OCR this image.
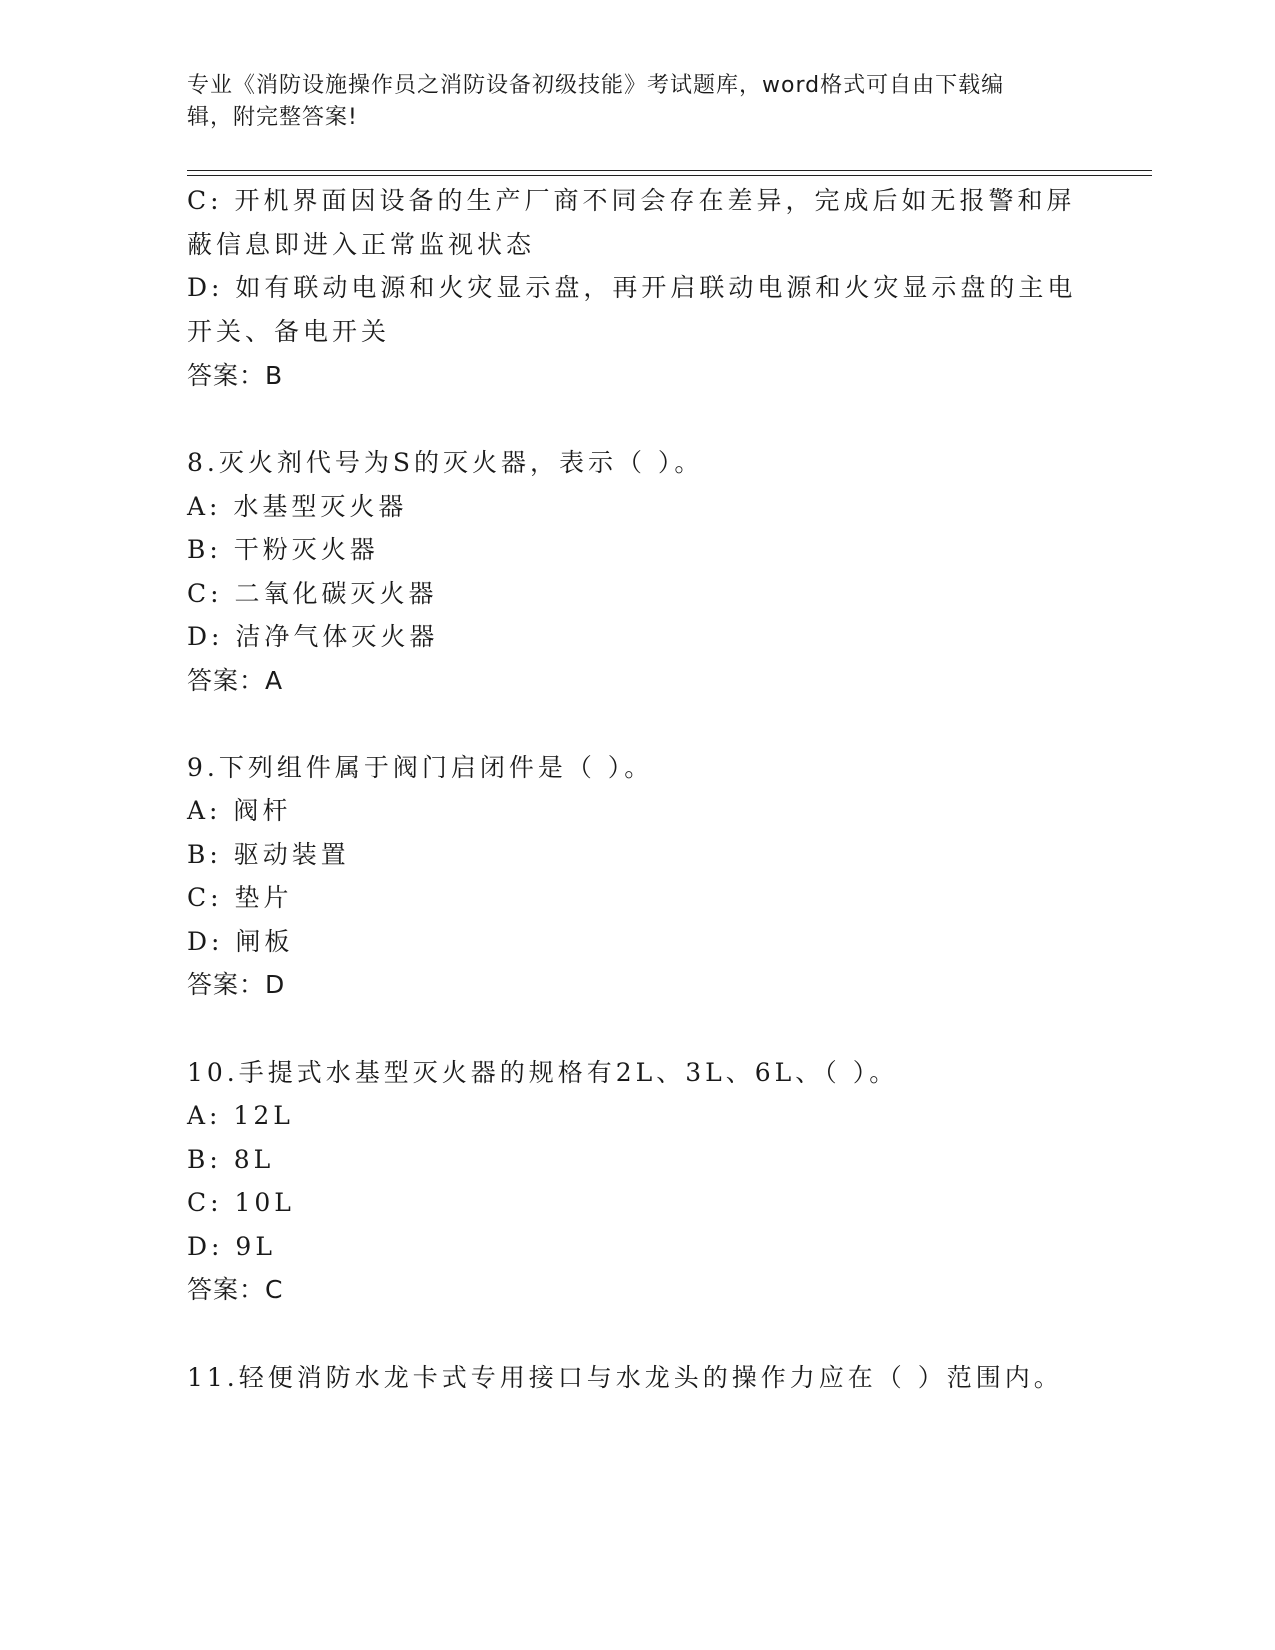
专业《消防设施操作员之消防设备初级技能》考试题库，word格式可自由下载编
辑，附完整答案!
C: 开机界面因设备的生产厂商不同会存在差异，完成后如无报警和屏
蔽信息即进入正常监视状态
D: 如有联动电源和火灾显示盘，再开启联动电源和火灾显示盘的主电
开关、备电开关
答案：B
8.灭火剂代号为S的灭火器，表示（ ）。
A: 水基型灭火器
B: 干粉灭火器
C: 二氧化碳灭火器
D: 洁净气体灭火器
答案：A
9.下列组件属于阀门启闭件是（ ）。
A: 阀杆
B: 驱动装置
C: 垫片
D: 闸板
答案：D
10.手提式水基型灭火器的规格有2L、3L、6L、（ ）。
A: 12L
B: 8L
C: 10L
D: 9L
答案：C
11.轻便消防水龙卡式专用接口与水龙头的操作力应在（ ）范围内。
